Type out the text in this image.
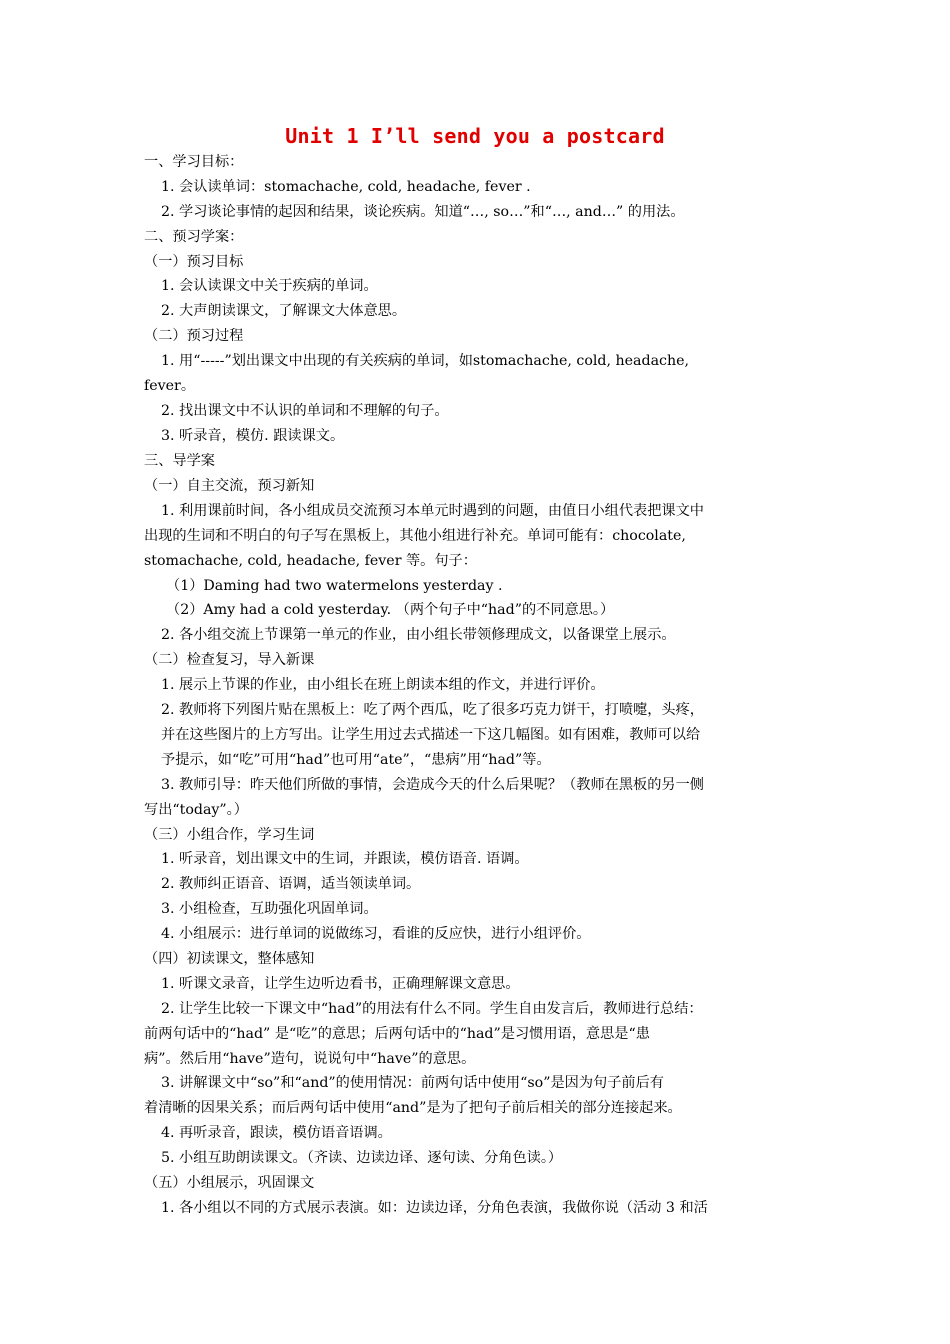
Unit 1 I’ll send you a postcard
一、学习目标：
1. 会认读单词：stomachache, cold, headache, fever .
2. 学习谈论事情的起因和结果，谈论疾病。知道“…, so…”和“…, and…” 的用法。
二、预习学案：
（一）预习目标
1. 会认读课文中关于疾病的单词。
2. 大声朗读课文，了解课文大体意思。
（二）预习过程
1. 用“-----”划出课文中出现的有关疾病的单词，如stomachache, cold, headache,
fever。
2. 找出课文中不认识的单词和不理解的句子。
3. 听录音，模仿. 跟读课文。
三、导学案
（一）自主交流，预习新知
1. 利用课前时间，各小组成员交流预习本单元时遇到的问题，由值日小组代表把课文中
出现的生词和不明白的句子写在黑板上，其他小组进行补充。单词可能有：chocolate,
stomachache, cold, headache, fever 等。句子：
（1）Daming had two watermelons yesterday .
（2）Amy had a cold yesterday. （两个句子中“had”的不同意思。）
2. 各小组交流上节课第一单元的作业，由小组长带领修理成文，以备课堂上展示。
（二）检查复习，导入新课
1. 展示上节课的作业，由小组长在班上朗读本组的作文，并进行评价。
2. 教师将下列图片贴在黑板上：吃了两个西瓜，吃了很多巧克力饼干，打喷嚏，头疼，
并在这些图片的上方写出。让学生用过去式描述一下这几幅图。如有困难，教师可以给
予提示，如“吃”可用“had”也可用“ate”，“患病”用“had”等。
3. 教师引导：昨天他们所做的事情，会造成今天的什么后果呢？（教师在黑板的另一侧
写出“today”。）
（三）小组合作，学习生词
1. 听录音，划出课文中的生词，并跟读，模仿语音. 语调。
2. 教师纠正语音、语调，适当领读单词。
3. 小组检查，互助强化巩固单词。
4. 小组展示：进行单词的说做练习，看谁的反应快，进行小组评价。
（四）初读课文，整体感知
1. 听课文录音，让学生边听边看书，正确理解课文意思。
2. 让学生比较一下课文中“had”的用法有什么不同。学生自由发言后，教师进行总结：
前两句话中的“had” 是“吃”的意思；后两句话中的“had”是习惯用语，意思是“患
病”。然后用“have”造句，说说句中“have”的意思。
3. 讲解课文中“so”和“and”的使用情况：前两句话中使用“so”是因为句子前后有
着清晰的因果关系；而后两句话中使用“and”是为了把句子前后相关的部分连接起来。
4. 再听录音，跟读，模仿语音语调。
5. 小组互助朗读课文。（齐读、边读边译、逐句读、分角色读。）
（五）小组展示，巩固课文
1. 各小组以不同的方式展示表演。如：边读边译，分角色表演，我做你说（活动 3 和活
